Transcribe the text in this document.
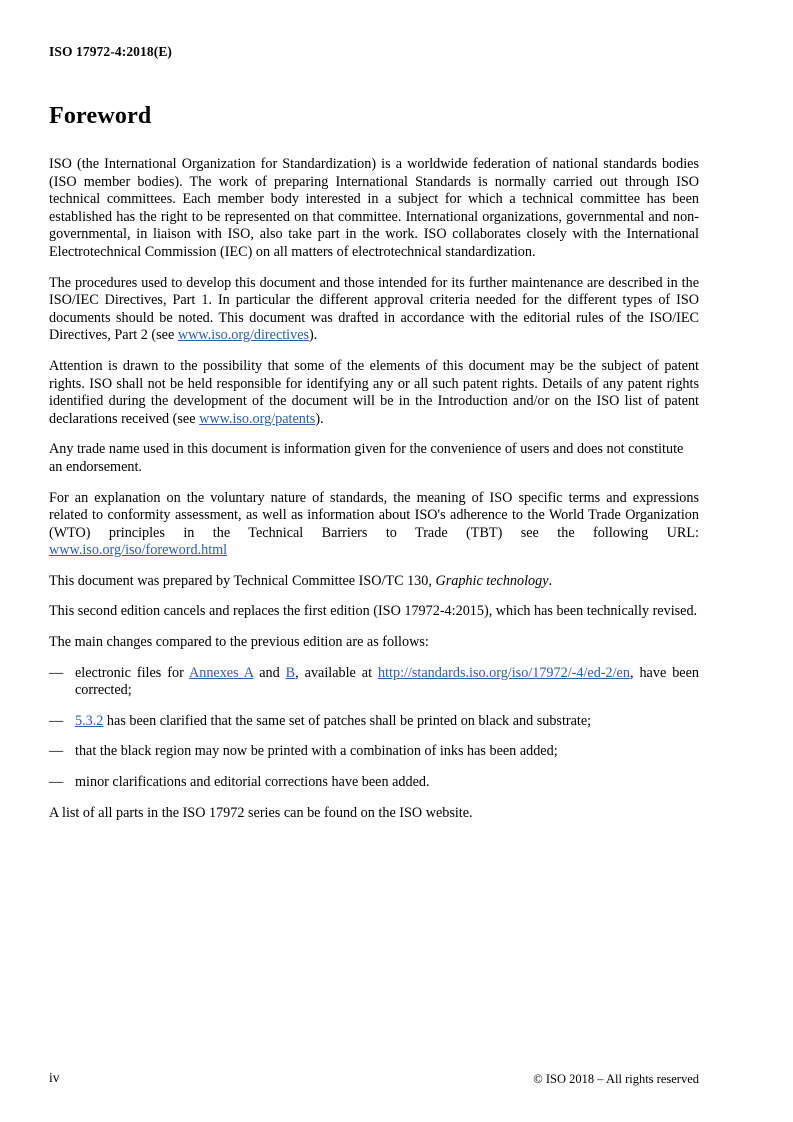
ISO 17972-4:2018(E)
Foreword

ISO (the International Organization for Standardization) is a worldwide federation of national standards bodies (ISO member bodies). The work of preparing International Standards is normally carried out through ISO technical committees. Each member body interested in a subject for which a technical committee has been established has the right to be represented on that committee. International organizations, governmental and non-governmental, in liaison with ISO, also take part in the work. ISO collaborates closely with the International Electrotechnical Commission (IEC) on all matters of electrotechnical standardization.

The procedures used to develop this document and those intended for its further maintenance are described in the ISO/IEC Directives, Part 1. In particular the different approval criteria needed for the different types of ISO documents should be noted. This document was drafted in accordance with the editorial rules of the ISO/IEC Directives, Part 2 (see www.iso.org/directives).

Attention is drawn to the possibility that some of the elements of this document may be the subject of patent rights. ISO shall not be held responsible for identifying any or all such patent rights. Details of any patent rights identified during the development of the document will be in the Introduction and/or on the ISO list of patent declarations received (see www.iso.org/patents).

Any trade name used in this document is information given for the convenience of users and does not constitute an endorsement.

For an explanation on the voluntary nature of standards, the meaning of ISO specific terms and expressions related to conformity assessment, as well as information about ISO's adherence to the World Trade Organization (WTO) principles in the Technical Barriers to Trade (TBT) see the following URL: www.iso.org/iso/foreword.html

This document was prepared by Technical Committee ISO/TC 130, Graphic technology.

This second edition cancels and replaces the first edition (ISO 17972-4:2015), which has been technically revised.

The main changes compared to the previous edition are as follows:

— electronic files for Annexes A and B, available at http://standards.iso.org/iso/17972/-4/ed-2/en, have been corrected;
— 5.3.2 has been clarified that the same set of patches shall be printed on black and substrate;
— that the black region may now be printed with a combination of inks has been added;
— minor clarifications and editorial corrections have been added.

A list of all parts in the ISO 17972 series can be found on the ISO website.

iv	© ISO 2018 – All rights reserved
